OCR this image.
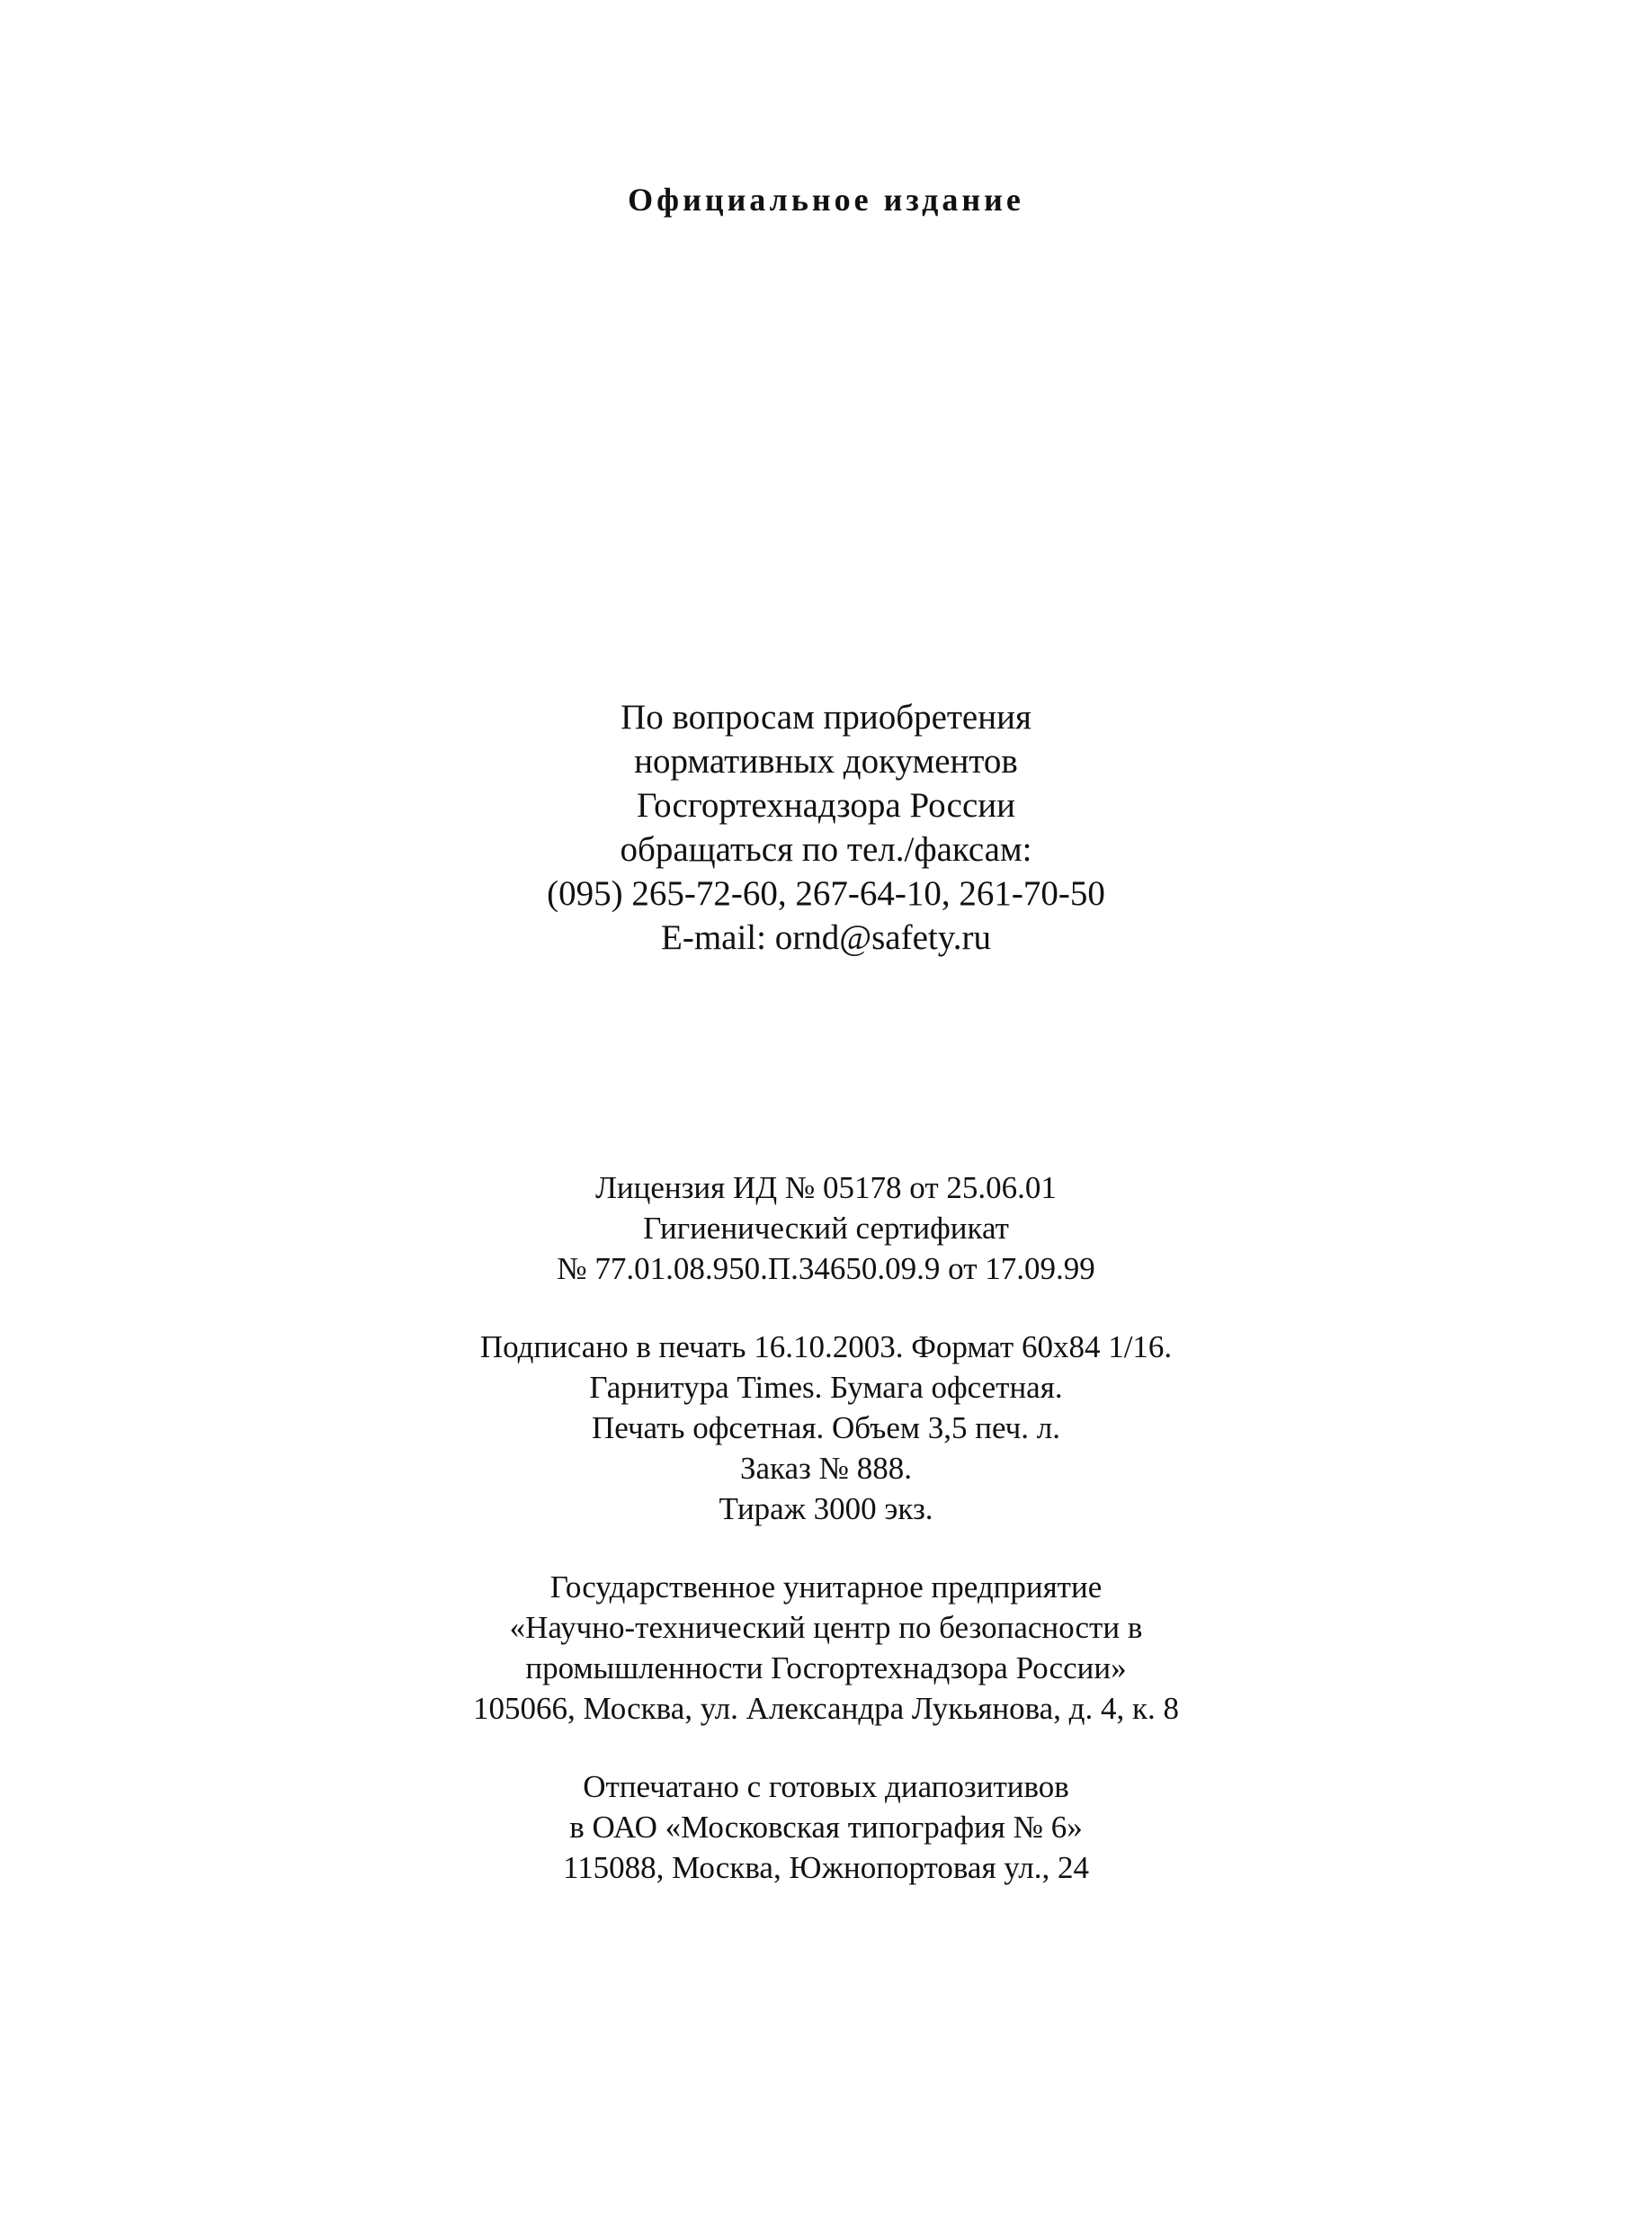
Официальное издание
По вопросам приобретения
нормативных документов
Госгортехнадзора России
обращаться по тел./факсам:
(095) 265-72-60, 267-64-10, 261-70-50
E-mail: ornd@safety.ru
Лицензия ИД № 05178 от 25.06.01
Гигиенический сертификат
№ 77.01.08.950.П.34650.09.9 от 17.09.99
Подписано в печать 16.10.2003. Формат 60x84 1/16.
Гарнитура Times. Бумага офсетная.
Печать офсетная. Объем 3,5 печ. л.
Заказ № 888.
Тираж 3000 экз.
Государственное унитарное предприятие
«Научно-технический центр по безопасности в
промышленности Госгортехнадзора России»
105066, Москва, ул. Александра Лукьянова, д. 4, к. 8
Отпечатано с готовых диапозитивов
в ОАО «Московская типография № 6»
115088, Москва, Южнопортовая ул., 24
